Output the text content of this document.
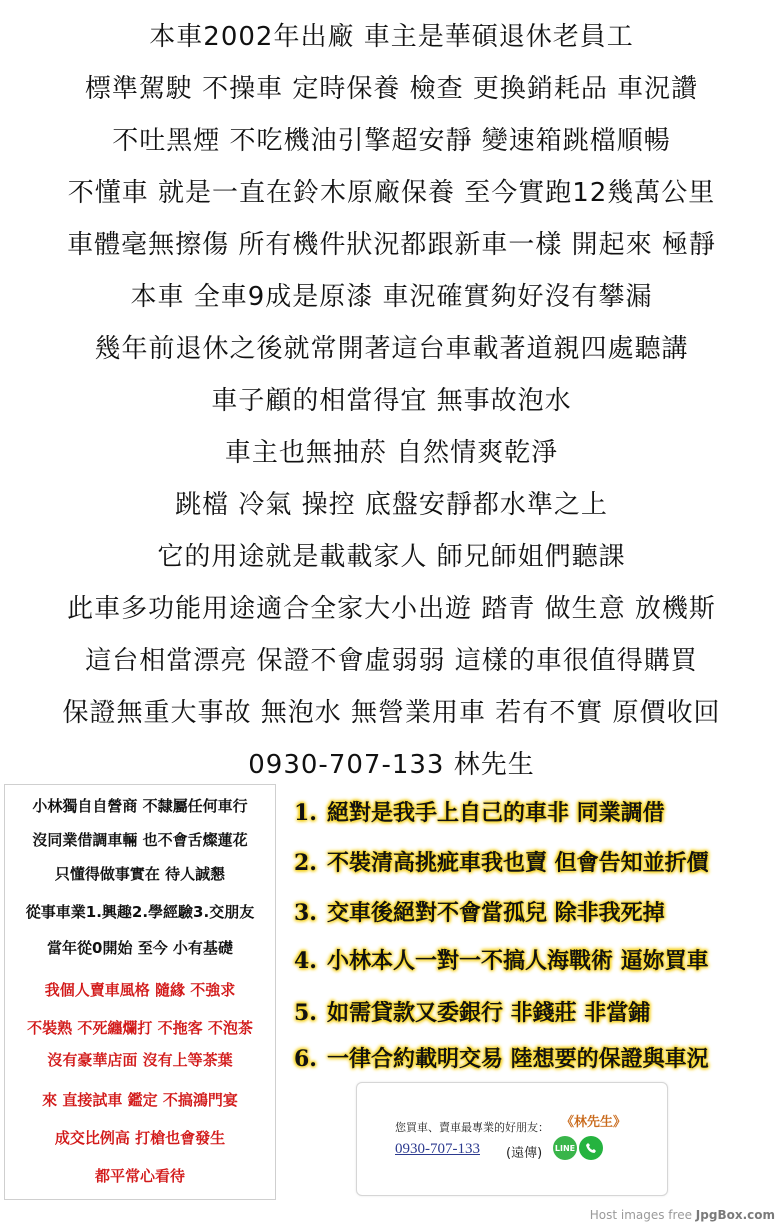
本車2002年出廠 車主是華碩退休老員工
標準駕駛 不操車 定時保養 檢查 更換銷耗品 車況讚
不吐黑煙 不吃機油引擎超安靜 變速箱跳檔順暢
不懂車 就是一直在鈴木原廠保養 至今實跑12幾萬公里
車體毫無擦傷 所有機件狀況都跟新車一樣 開起來 極靜
本車 全車9成是原漆 車況確實夠好沒有攀漏
幾年前退休之後就常開著這台車載著道親四處聽講
車子顧的相當得宜 無事故泡水
車主也無抽菸 自然情爽乾淨
跳檔 冷氣 操控 底盤安靜都水準之上
它的用途就是載載家人 師兄師姐們聽課
此車多功能用途適合全家大小出遊 踏青 做生意 放機斯
這台相當漂亮 保證不會虛弱弱 這樣的車很值得購買
保證無重大事故 無泡水 無營業用車 若有不實 原價收回
0930-707-133 林先生
小林獨自自營商 不隸屬任何車行
沒同業借調車輛 也不會舌燦蓮花
只懂得做事實在 待人誠懇
從事車業1.興趣2.學經驗3.交朋友
當年從0開始 至今 小有基礎
我個人賣車風格 隨緣 不強求
不裝熟 不死纏爛打 不拖客 不泡茶
沒有豪華店面 沒有上等茶葉
來 直接試車 鑑定 不搞鴻門宴
成交比例高 打槍也會發生
都平常心看待
1. 絕對是我手上自己的車非 同業調借
2. 不裝清高挑疵車我也賣 但會告知並折價
3. 交車後絕對不會當孤兒 除非我死掉
4. 小林本人一對一不搞人海戰術 逼妳買車
5. 如需貸款又委銀行 非錢莊 非當鋪
6. 一律合約載明交易 陸想要的保證與車況
您買車、賣車最專業的好朋友： 《林先生》
0930-707-133 (遠傳) LINE
Host images free JpgBox.com
